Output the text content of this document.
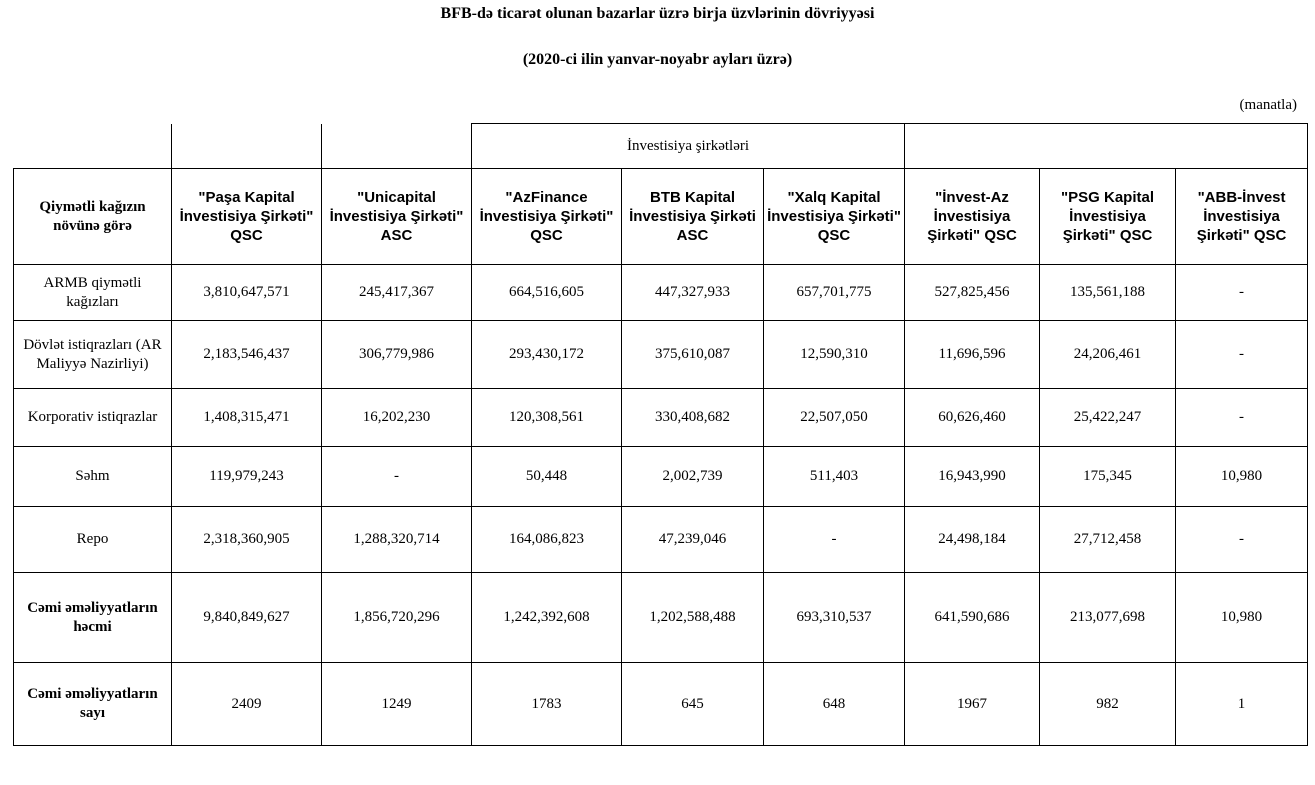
BFB-də ticarət olunan bazarlar üzrə birja üzvlərinin dövriyyəsi
(2020-ci ilin yanvar-noyabr ayları üzrə)
(manatla)
			İnvestisiya şirkətləri					
Qiymətli kağızın növünə görə	"Paşa Kapital İnvestisiya Şirkəti" QSC	"Unicapital İnvestisiya Şirkəti" ASC	"AzFinance İnvestisiya Şirkəti" QSC	BTB Kapital İnvestisiya Şirkəti ASC	"Xalq Kapital İnvestisiya Şirkəti" QSC	"İnvest-Az İnvestisiya Şirkəti" QSC	"PSG Kapital İnvestisiya Şirkəti" QSC	"ABB-İnvest İnvestisiya Şirkəti" QSC
ARMB qiymətli kağızları	3,810,647,571	245,417,367	664,516,605	447,327,933	657,701,775	527,825,456	135,561,188	-
Dövlət istiqrazları (AR Maliyyə Nazirliyi)	2,183,546,437	306,779,986	293,430,172	375,610,087	12,590,310	11,696,596	24,206,461	-
Korporativ istiqrazlar	1,408,315,471	16,202,230	120,308,561	330,408,682	22,507,050	60,626,460	25,422,247	-
Səhm	119,979,243	-	50,448	2,002,739	511,403	16,943,990	175,345	10,980
Repo	2,318,360,905	1,288,320,714	164,086,823	47,239,046	-	24,498,184	27,712,458	-
Cəmi əməliyyatların həcmi	9,840,849,627	1,856,720,296	1,242,392,608	1,202,588,488	693,310,537	641,590,686	213,077,698	10,980
Cəmi əməliyyatların sayı	2409	1249	1783	645	648	1967	982	1
